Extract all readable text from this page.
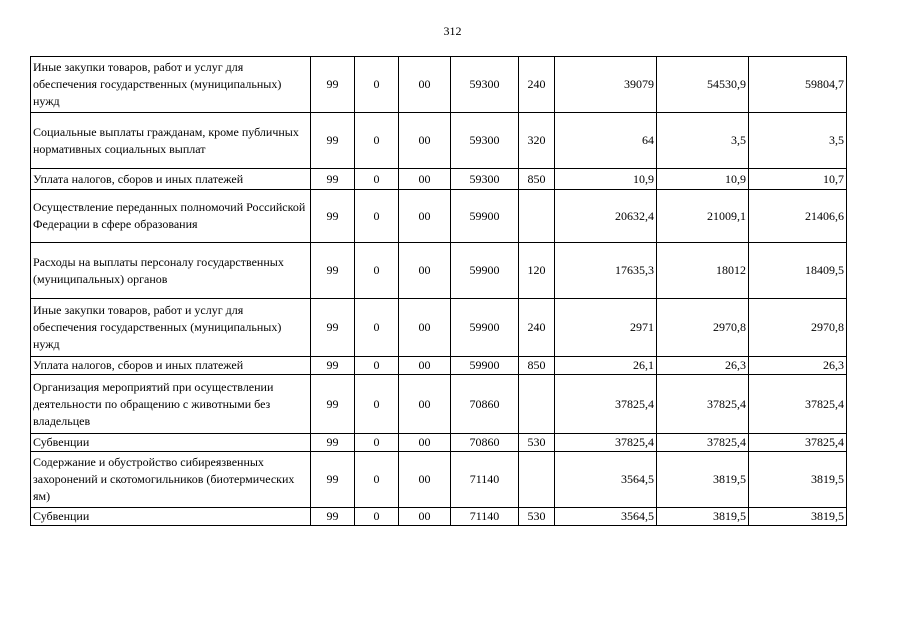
312
Иные закупки товаров, работ и услуг для обеспечения государственных (муниципальных) нужд	99	0	00	59300	240	39079	54530,9	59804,7
Социальные выплаты гражданам, кроме публичных нормативных социальных выплат	99	0	00	59300	320	64	3,5	3,5
Уплата налогов, сборов и иных платежей	99	0	00	59300	850	10,9	10,9	10,7
Осуществление переданных полномочий Российской Федерации в сфере образования	99	0	00	59900		20632,4	21009,1	21406,6
Расходы на выплаты персоналу государственных (муниципальных) органов	99	0	00	59900	120	17635,3	18012	18409,5
Иные закупки товаров, работ и услуг для обеспечения государственных (муниципальных) нужд	99	0	00	59900	240	2971	2970,8	2970,8
Уплата налогов, сборов и иных платежей	99	0	00	59900	850	26,1	26,3	26,3
Организация мероприятий при осуществлении деятельности по обращению с животными без владельцев	99	0	00	70860		37825,4	37825,4	37825,4
Субвенции	99	0	00	70860	530	37825,4	37825,4	37825,4
Содержание и обустройство сибиреязвенных захоронений и скотомогильников (биотермических ям)	99	0	00	71140		3564,5	3819,5	3819,5
Субвенции	99	0	00	71140	530	3564,5	3819,5	3819,5
